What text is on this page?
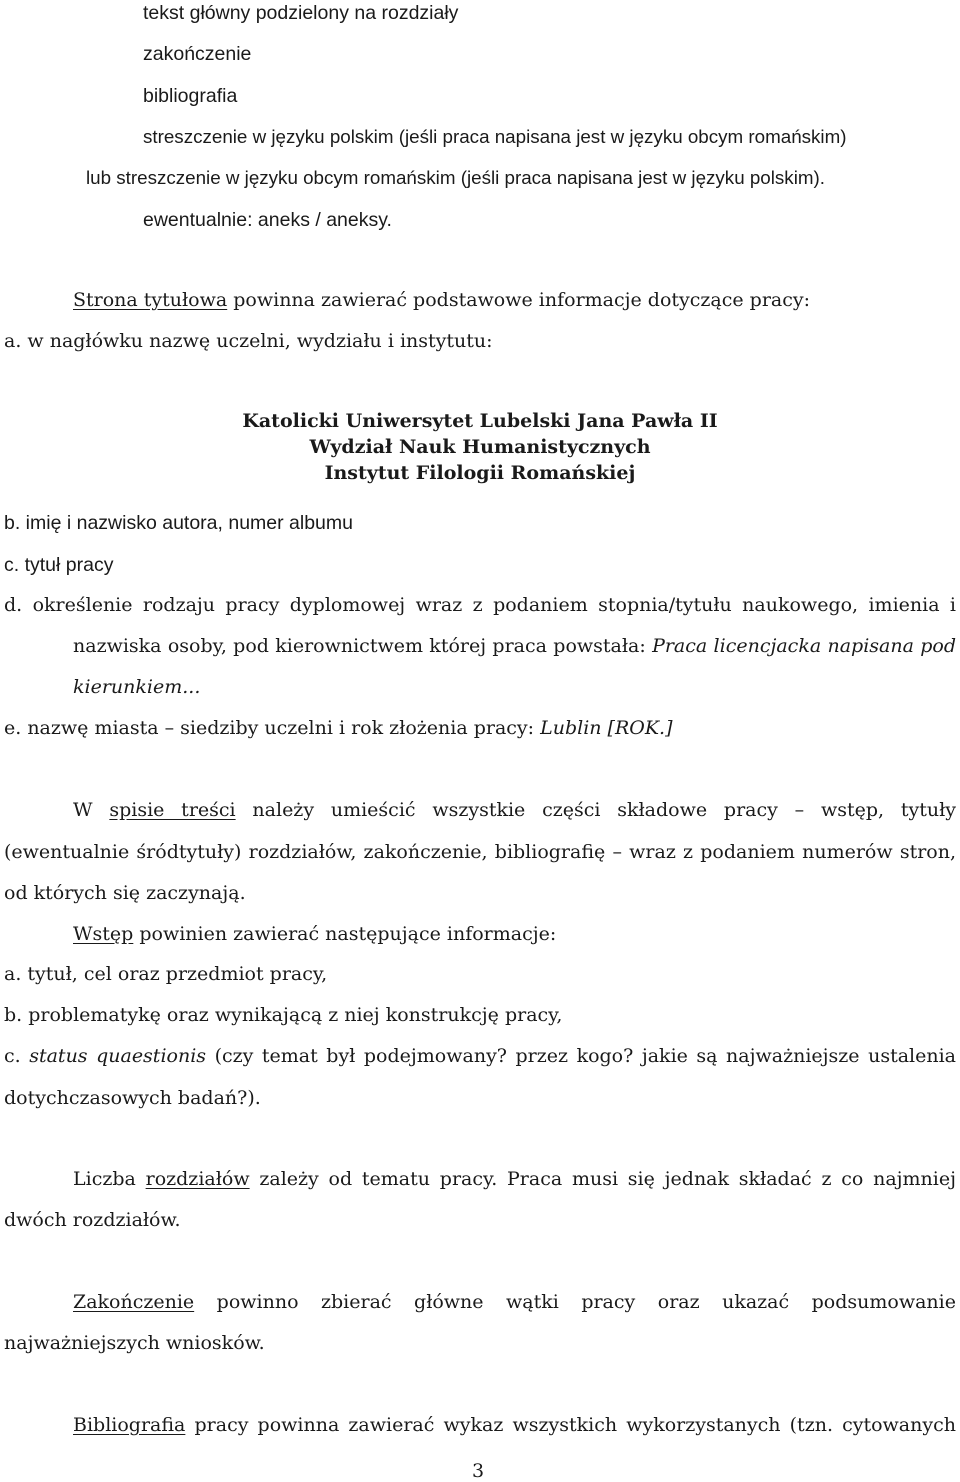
tekst główny podzielony na rozdziały
zakończenie
bibliografia
streszczenie w języku polskim (jeśli praca napisana jest w języku obcym romańskim)
lub streszczenie w języku obcym romańskim (jeśli praca napisana jest w języku polskim).
ewentualnie: aneks / aneksy.
Strona tytułowa powinna zawierać podstawowe informacje dotyczące pracy:
a. w nagłówku nazwę uczelni, wydziału i instytutu:
Katolicki Uniwersytet Lubelski Jana Pawła II
Wydział Nauk Humanistycznych
Instytut Filologii Romańskiej
b. imię i nazwisko autora, numer albumu
c. tytuł pracy
d. określenie rodzaju pracy dyplomowej wraz z podaniem stopnia/tytułu naukowego, imienia i
nazwiska osoby, pod kierownictwem której praca powstała: Praca licencjacka napisana pod
kierunkiem...
e. nazwę miasta – siedziby uczelni i rok złożenia pracy: Lublin [ROK.]
W spisie treści należy umieścić wszystkie części składowe pracy – wstęp, tytuły
(ewentualnie śródtytuły) rozdziałów, zakończenie, bibliografię – wraz z podaniem numerów stron,
od których się zaczynają.
Wstęp powinien zawierać następujące informacje:
a. tytuł, cel oraz przedmiot pracy,
b. problematykę oraz wynikającą z niej konstrukcję pracy,
c. status quaestionis (czy temat był podejmowany? przez kogo? jakie są najważniejsze ustalenia
dotychczasowych badań?).
Liczba rozdziałów zależy od tematu pracy. Praca musi się jednak składać z co najmniej
dwóch rozdziałów.
Zakończenie powinno zbierać główne wątki pracy oraz ukazać podsumowanie
najważniejszych wniosków.
Bibliografia pracy powinna zawierać wykaz wszystkich wykorzystanych (tzn. cytowanych
3
